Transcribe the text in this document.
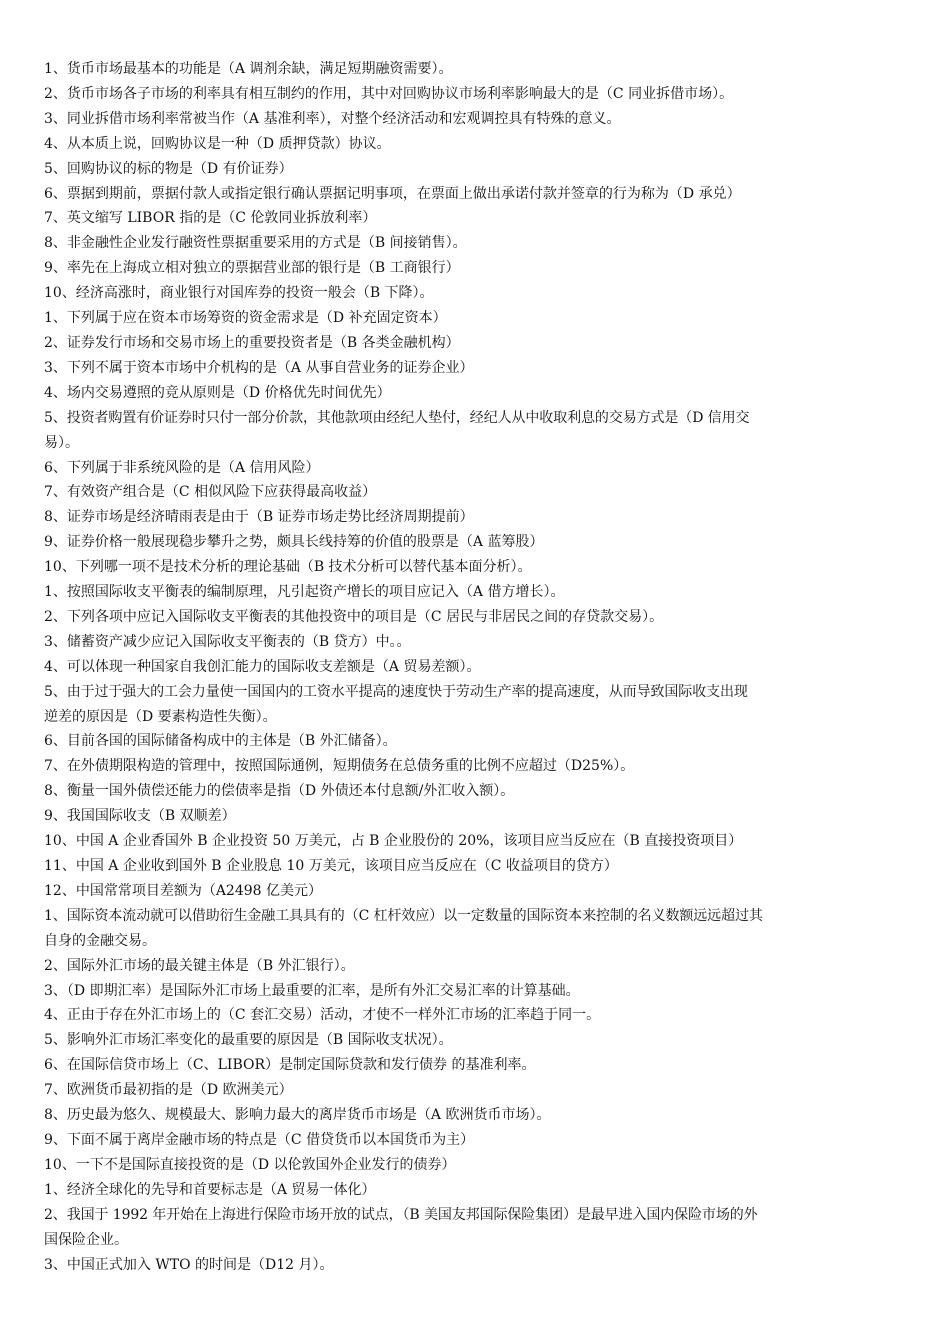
1、货币市场最基本的功能是（A 调剂余缺，满足短期融资需要）。
2、货币市场各子市场的利率具有相互制约的作用，其中对回购协议市场利率影响最大的是（C 同业拆借市场）。
3、同业拆借市场利率常被当作（A 基准利率），对整个经济活动和宏观调控具有特殊的意义。
4、从本质上说，回购协议是一种（D 质押贷款）协议。
5、回购协议的标的物是（D 有价证券）
6、票据到期前，票据付款人或指定银行确认票据记明事项，在票面上做出承诺付款并签章的行为称为（D 承兑）
7、英文缩写 LIBOR 指的是（C 伦敦同业拆放利率）
8、非金融性企业发行融资性票据重要采用的方式是（B 间接销售）。
9、率先在上海成立相对独立的票据营业部的银行是（B 工商银行）
10、经济高涨时，商业银行对国库券的投资一般会（B 下降）。
1、下列属于应在资本市场筹资的资金需求是（D 补充固定资本）
2、证券发行市场和交易市场上的重要投资者是（B 各类金融机构）
3、下列不属于资本市场中介机构的是（A 从事自营业务的证券企业）
4、场内交易遵照的竞从原则是（D 价格优先时间优先）
5、投资者购置有价证券时只付一部分价款，其他款项由经纪人垫付，经纪人从中收取利息的交易方式是（D 信用交
易）。
6、下列属于非系统风险的是（A 信用风险）
7、有效资产组合是（C 相似风险下应获得最高收益）
8、证券市场是经济晴雨表是由于（B 证券市场走势比经济周期提前）
9、证券价格一般展现稳步攀升之势，颇具长线持筹的价值的股票是（A 蓝筹股）
10、下列哪一项不是技术分析的理论基础（B 技术分析可以替代基本面分析）。
1、按照国际收支平衡表的编制原理，凡引起资产增长的项目应记入（A 借方增长）。
2、下列各项中应记入国际收支平衡表的其他投资中的项目是（C 居民与非居民之间的存贷款交易）。
3、储蓄资产减少应记入国际收支平衡表的（B 贷方）中。。
4、可以体现一种国家自我创汇能力的国际收支差额是（A 贸易差额）。
5、由于过于强大的工会力量使一国国内的工资水平提高的速度快于劳动生产率的提高速度，从而导致国际收支出现
逆差的原因是（D 要素构造性失衡）。
6、目前各国的国际储备构成中的主体是（B 外汇储备）。
7、在外债期限构造的管理中，按照国际通例，短期债务在总债务重的比例不应超过（D25%）。
8、衡量一国外债偿还能力的偿债率是指（D 外债还本付息额/外汇收入额）。
9、我国国际收支（B 双顺差）
10、中国 A 企业香国外 B 企业投资 50 万美元，占 B 企业股份的 20%，该项目应当反应在（B 直接投资项目）
11、中国 A 企业收到国外 B 企业股息 10 万美元，该项目应当反应在（C 收益项目的贷方）
12、中国常常项目差额为（A2498 亿美元）
1、国际资本流动就可以借助衍生金融工具具有的（C 杠杆效应）以一定数量的国际资本来控制的名义数额远远超过其
自身的金融交易。
2、国际外汇市场的最关键主体是（B 外汇银行）。
3、（D 即期汇率）是国际外汇市场上最重要的汇率，是所有外汇交易汇率的计算基础。
4、正由于存在外汇市场上的（C 套汇交易）活动，才使不一样外汇市场的汇率趋于同一。
5、影响外汇市场汇率变化的最重要的原因是（B 国际收支状况）。
6、在国际信贷市场上（C、LIBOR）是制定国际贷款和发行债券 的基准利率。
7、欧洲货币最初指的是（D 欧洲美元）
8、历史最为悠久、规模最大、影响力最大的离岸货币市场是（A 欧洲货币市场）。
9、下面不属于离岸金融市场的特点是（C 借贷货币以本国货币为主）
10、一下不是国际直接投资的是（D 以伦敦国外企业发行的债券）
1、经济全球化的先导和首要标志是（A 贸易一体化）
2、我国于 1992 年开始在上海进行保险市场开放的试点，（B 美国友邦国际保险集团）是最早进入国内保险市场的外
国保险企业。
3、中国正式加入 WTO 的时间是（D12 月）。
